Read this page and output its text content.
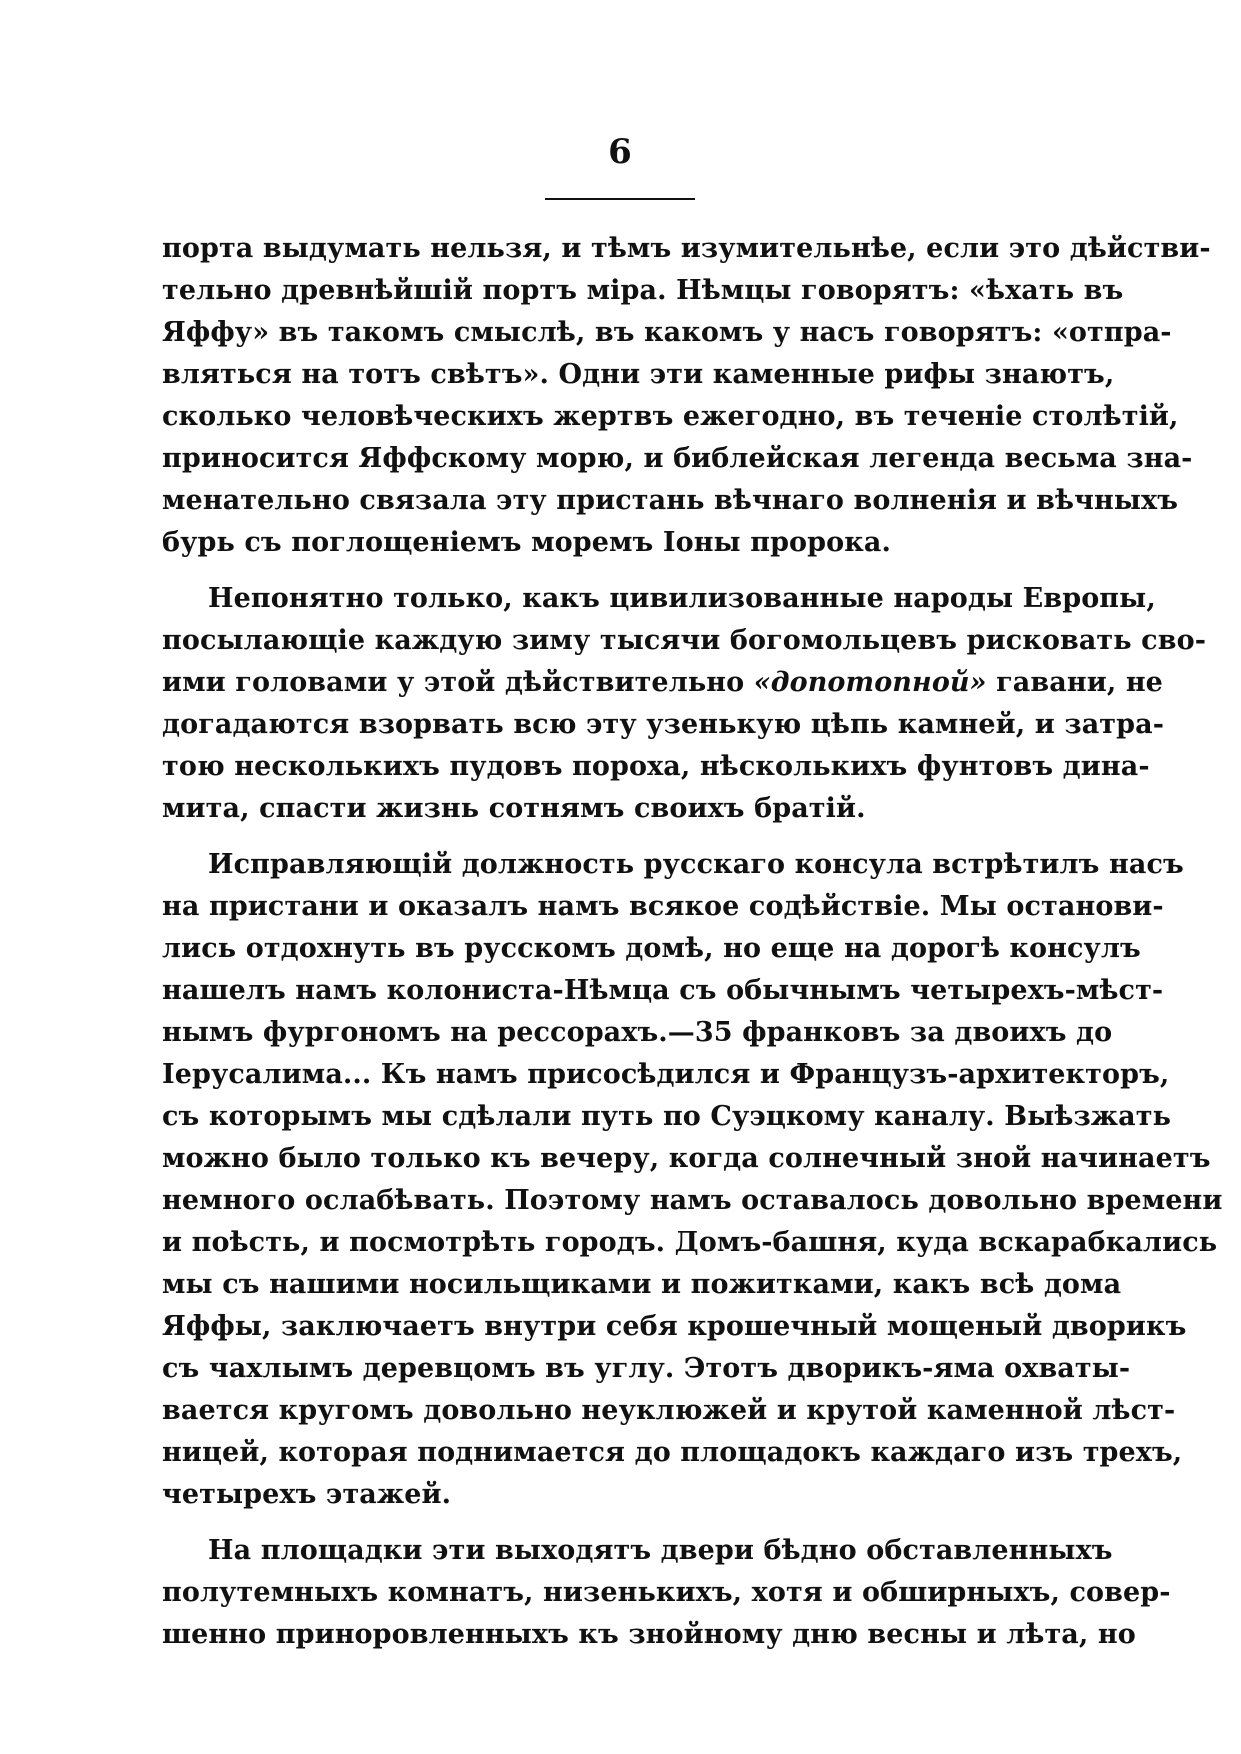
6
порта выдумать нельзя, и тѣмъ изумительнѣе, если это дѣйстви-
тельно древнѣйшій портъ міра. Нѣмцы говорятъ: «ѣхать въ
Яффу» въ такомъ смыслѣ, въ какомъ у насъ говорятъ: «отпра-
вляться на тотъ свѣтъ». Одни эти каменные рифы знаютъ,
сколько человѣческихъ жертвъ ежегодно, въ теченіе столѣтій,
приносится Яффскому морю, и библейская легенда весьма зна-
менательно связала эту пристань вѣчнаго волненія и вѣчныхъ
бурь съ поглощеніемъ моремъ Іоны пророка.
Непонятно только, какъ цивилизованные народы Европы,
посылающіе каждую зиму тысячи богомольцевъ рисковать сво-
ими головами у этой дѣйствительно «допотопной» гавани, не
догадаются взорвать всю эту узенькую цѣпь камней, и затра-
тою несколькихъ пудовъ пороха, нѣсколькихъ фунтовъ дина-
мита, спасти жизнь сотнямъ своихъ братій.
Исправляющій должность русскаго консула встрѣтилъ насъ
на пристани и оказалъ намъ всякое содѣйствіе. Мы останови-
лись отдохнуть въ русскомъ домѣ, но еще на дорогѣ консулъ
нашелъ намъ колониста-Нѣмца съ обычнымъ четырехъ-мѣст-
нымъ фургономъ на рессорахъ.—35 франковъ за двоихъ до
Іерусалима... Къ намъ присосѣдился и Французъ-архитекторъ,
съ которымъ мы сдѣлали путь по Суэцкому каналу. Выѣзжать
можно было только къ вечеру, когда солнечный зной начинаетъ
немного ослабѣвать. Поэтому намъ оставалось довольно времени
и поѣсть, и посмотрѣть городъ. Домъ-башня, куда вскарабкались
мы съ нашими носильщиками и пожитками, какъ всѣ дома
Яффы, заключаетъ внутри себя крошечный мощеный дворикъ
съ чахлымъ деревцомъ въ углу. Этотъ дворикъ-яма охваты-
вается кругомъ довольно неуклюжей и крутой каменной лѣст-
ницей, которая поднимается до площадокъ каждаго изъ трехъ,
четырехъ этажей.
На площадки эти выходятъ двери бѣдно обставленныхъ
полутемныхъ комнатъ, низенькихъ, хотя и обширныхъ, совер-
шенно приноровленныхъ къ знойному дню весны и лѣта, но
